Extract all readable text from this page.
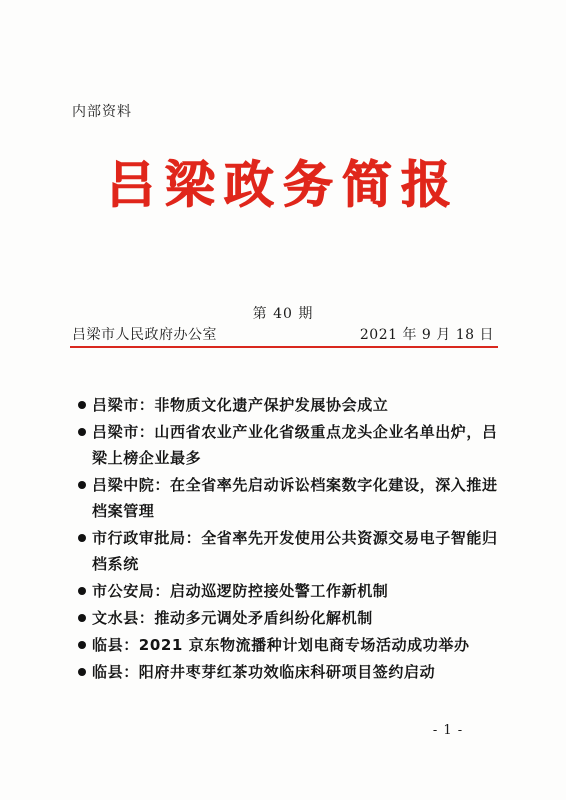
内部资料
吕梁政务简报
第 40 期
吕梁市人民政府办公室	2021 年 9 月 18 日
吕梁市：非物质文化遗产保护发展协会成立
吕梁市：山西省农业产业化省级重点龙头企业名单出炉，吕梁上榜企业最多
吕梁中院：在全省率先启动诉讼档案数字化建设，深入推进档案管理
市行政审批局：全省率先开发使用公共资源交易电子智能归档系统
市公安局：启动巡逻防控接处警工作新机制
文水县：推动多元调处矛盾纠纷化解机制
临县：2021 京东物流播种计划电商专场活动成功举办
临县：阳府井枣芽红茶功效临床科研项目签约启动
- 1 -
